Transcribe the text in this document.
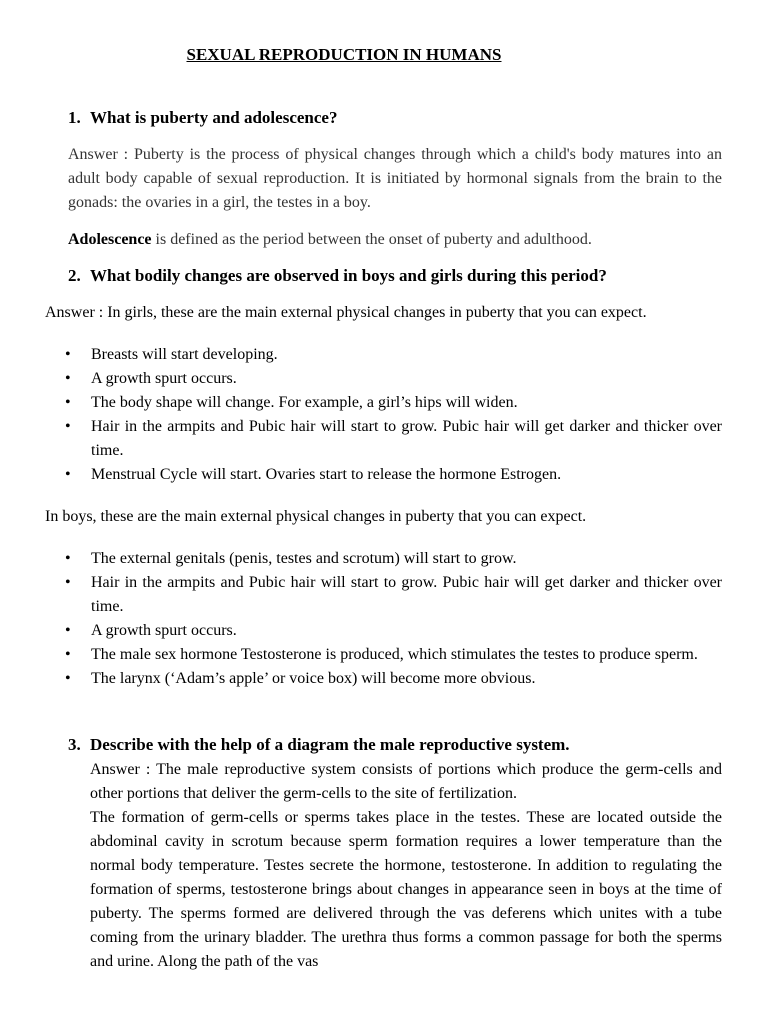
SEXUAL REPRODUCTION IN HUMANS
1. What is puberty and adolescence?
Answer : Puberty is the process of physical changes through which a child's body matures into an adult body capable of sexual reproduction. It is initiated by hormonal signals from the brain to the gonads: the ovaries in a girl, the testes in a boy.
Adolescence is defined as the period between the onset of puberty and adulthood.
2. What bodily changes are observed in boys and girls during this period?
Answer : In girls, these are the main external physical changes in puberty that you can expect.
• Breasts will start developing.
• A growth spurt occurs.
• The body shape will change. For example, a girl’s hips will widen.
• Hair in the armpits and Pubic hair will start to grow. Pubic hair will get darker and thicker over time.
• Menstrual Cycle will start. Ovaries start to release the hormone Estrogen.
In boys, these are the main external physical changes in puberty that you can expect.
• The external genitals (penis, testes and scrotum) will start to grow.
• Hair in the armpits and Pubic hair will start to grow. Pubic hair will get darker and thicker over time.
• A growth spurt occurs.
• The male sex hormone Testosterone is produced, which stimulates the testes to produce sperm.
• The larynx (‘Adam’s apple’ or voice box) will become more obvious.
3. Describe with the help of a diagram the male reproductive system.

Answer : The male reproductive system consists of portions which produce the germ-cells and other portions that deliver the germ-cells to the site of fertilization.

The formation of germ-cells or sperms takes place in the testes. These are located outside the abdominal cavity in scrotum because sperm formation requires a lower temperature than the normal body temperature. Testes secrete the hormone, testosterone. In addition to regulating the formation of sperms, testosterone brings about changes in appearance seen in boys at the time of puberty. The sperms formed are delivered through the vas deferens which unites with a tube coming from the urinary bladder. The urethra thus forms a common passage for both the sperms and urine. Along the path of the vas
